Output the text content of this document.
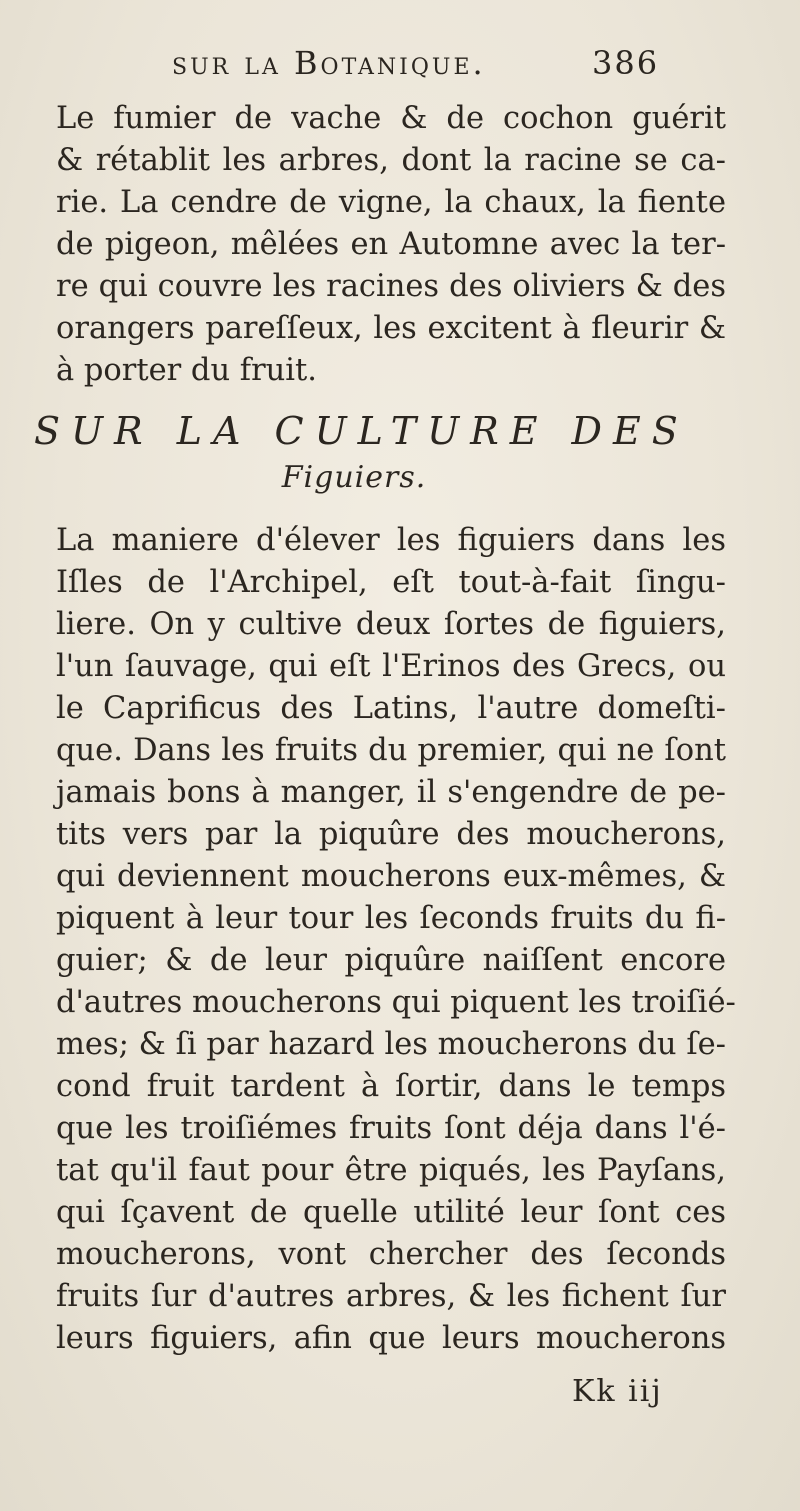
sur la Botanique.	386
Le fumier de vache & de cochon guérit
& rétablit les arbres, dont la racine se ca-
rie. La cendre de vigne, la chaux, la fiente
de pigeon, mêlées en Automne avec la ter-
re qui couvre les racines des oliviers & des
orangers pareſſeux, les excitent à fleurir &
à porter du fruit.
SUR LA CULTURE DES
Figuiers.
La maniere d'élever les figuiers dans les
Iſles de l'Archipel, eſt tout-à-fait ſingu-
liere. On y cultive deux ſortes de figuiers,
l'un ſauvage, qui eſt l'Erinos des Grecs, ou
le Caprificus des Latins, l'autre domeſti-
que. Dans les fruits du premier, qui ne ſont
jamais bons à manger, il s'engendre de pe-
tits vers par la piquûre des moucherons,
qui deviennent moucherons eux-mêmes, &
piquent à leur tour les ſeconds fruits du fi-
guier; & de leur piquûre naiſſent encore
d'autres moucherons qui piquent les troiſié-
mes; & ſi par hazard les moucherons du ſe-
cond fruit tardent à ſortir, dans le temps
que les troiſiémes fruits ſont déja dans l'é-
tat qu'il faut pour être piqués, les Payſans,
qui ſçavent de quelle utilité leur ſont ces
moucherons, vont chercher des ſeconds
fruits ſur d'autres arbres, & les fichent ſur
leurs figuiers, afin que leurs moucherons
Kk iij
